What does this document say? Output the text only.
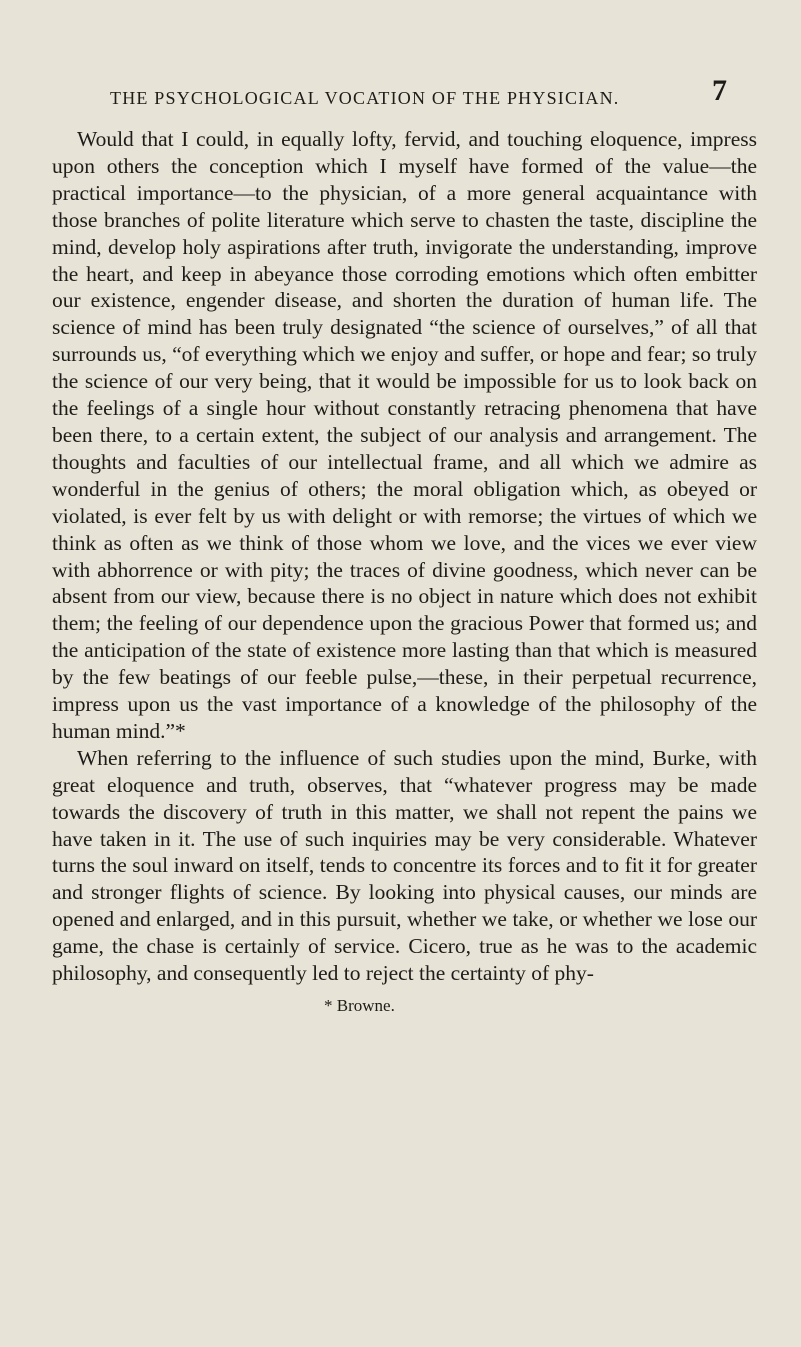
THE PSYCHOLOGICAL VOCATION OF THE PHYSICIAN.	7

Would that I could, in equally lofty, fervid, and touching eloquence, impress upon others the conception which I myself have formed of the value—the practical importance—to the physician, of a more general acquaintance with those branches of polite literature which serve to chasten the taste, discipline the mind, develop holy aspirations after truth, invigorate the understanding, improve the heart, and keep in abeyance those corroding emotions which often embitter our existence, engender disease, and shorten the duration of human life. The science of mind has been truly designated “the science of ourselves,” of all that surrounds us, “of everything which we enjoy and suffer, or hope and fear; so truly the science of our very being, that it would be impossible for us to look back on the feelings of a single hour without constantly retracing phenomena that have been there, to a certain extent, the subject of our analysis and arrangement. The thoughts and faculties of our intellectual frame, and all which we admire as wonderful in the genius of others; the moral obligation which, as obeyed or violated, is ever felt by us with delight or with remorse; the virtues of which we think as often as we think of those whom we love, and the vices we ever view with abhorrence or with pity; the traces of divine goodness, which never can be absent from our view, because there is no object in nature which does not exhibit them; the feeling of our dependence upon the gracious Power that formed us; and the anticipation of the state of existence more lasting than that which is measured by the few beatings of our feeble pulse,—these, in their perpetual recurrence, impress upon us the vast importance of a knowledge of the philosophy of the human mind.”*

When referring to the influence of such studies upon the mind, Burke, with great eloquence and truth, observes, that “whatever progress may be made towards the discovery of truth in this matter, we shall not repent the pains we have taken in it. The use of such inquiries may be very considerable. Whatever turns the soul inward on itself, tends to concentre its forces and to fit it for greater and stronger flights of science. By looking into physical causes, our minds are opened and enlarged, and in this pursuit, whether we take, or whether we lose our game, the chase is certainly of service. Cicero, true as he was to the academic philosophy, and consequently led to reject the certainty of phy-

* Browne.
